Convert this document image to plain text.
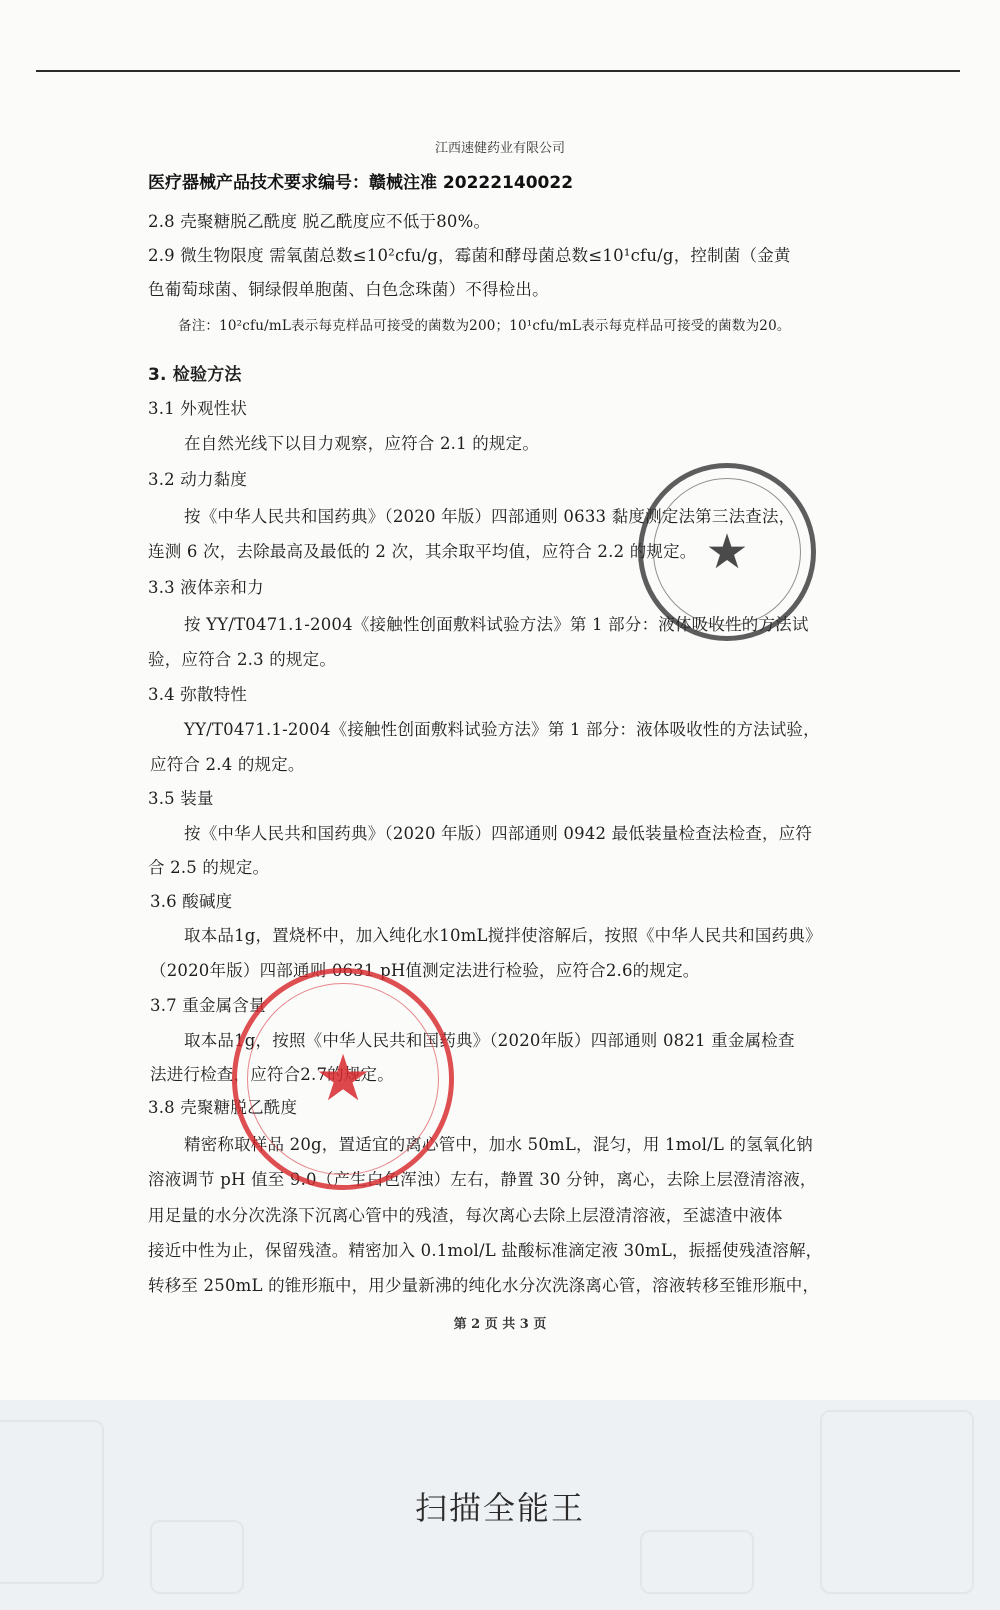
江西速健药业有限公司
医疗器械产品技术要求编号：赣械注准 20222140022
2.8 壳聚糖脱乙酰度 脱乙酰度应不低于80%。
2.9 微生物限度 需氧菌总数≤10²cfu/g，霉菌和酵母菌总数≤10¹cfu/g，控制菌（金黄
色葡萄球菌、铜绿假单胞菌、白色念珠菌）不得检出。
备注：10²cfu/mL表示每克样品可接受的菌数为200；10¹cfu/mL表示每克样品可接受的菌数为20。
3. 检验方法
3.1 外观性状
在自然光线下以目力观察，应符合 2.1 的规定。
3.2 动力黏度
按《中华人民共和国药典》（2020 年版）四部通则 0633 黏度测定法第三法查法，
连测 6 次，去除最高及最低的 2 次，其余取平均值，应符合 2.2 的规定。
3.3 液体亲和力
按 YY/T0471.1-2004《接触性创面敷料试验方法》第 1 部分：液体吸收性的方法试
验，应符合 2.3 的规定。
3.4 弥散特性
YY/T0471.1-2004《接触性创面敷料试验方法》第 1 部分：液体吸收性的方法试验，
应符合 2.4 的规定。
3.5 装量
按《中华人民共和国药典》（2020 年版）四部通则 0942 最低装量检查法检查，应符
合 2.5 的规定。
3.6 酸碱度
取本品1g，置烧杯中，加入纯化水10mL搅拌使溶解后，按照《中华人民共和国药典》
（2020年版）四部通则 0631 pH值测定法进行检验，应符合2.6的规定。
3.7 重金属含量
取本品1g，按照《中华人民共和国药典》（2020年版）四部通则 0821 重金属检查
法进行检查，应符合2.7的规定。
3.8 壳聚糖脱乙酰度
精密称取样品 20g，置适宜的离心管中，加水 50mL，混匀，用 1mol/L 的氢氧化钠
溶液调节 pH 值至 9.0（产生白色浑浊）左右，静置 30 分钟，离心，去除上层澄清溶液，
用足量的水分次洗涤下沉离心管中的残渣，每次离心去除上层澄清溶液，至滤渣中液体
接近中性为止，保留残渣。精密加入 0.1mol/L 盐酸标准滴定液 30mL，振摇使残渣溶解，
转移至 250mL 的锥形瓶中，用少量新沸的纯化水分次洗涤离心管，溶液转移至锥形瓶中，
第 2 页 共 3 页
★
★
扫描全能王
